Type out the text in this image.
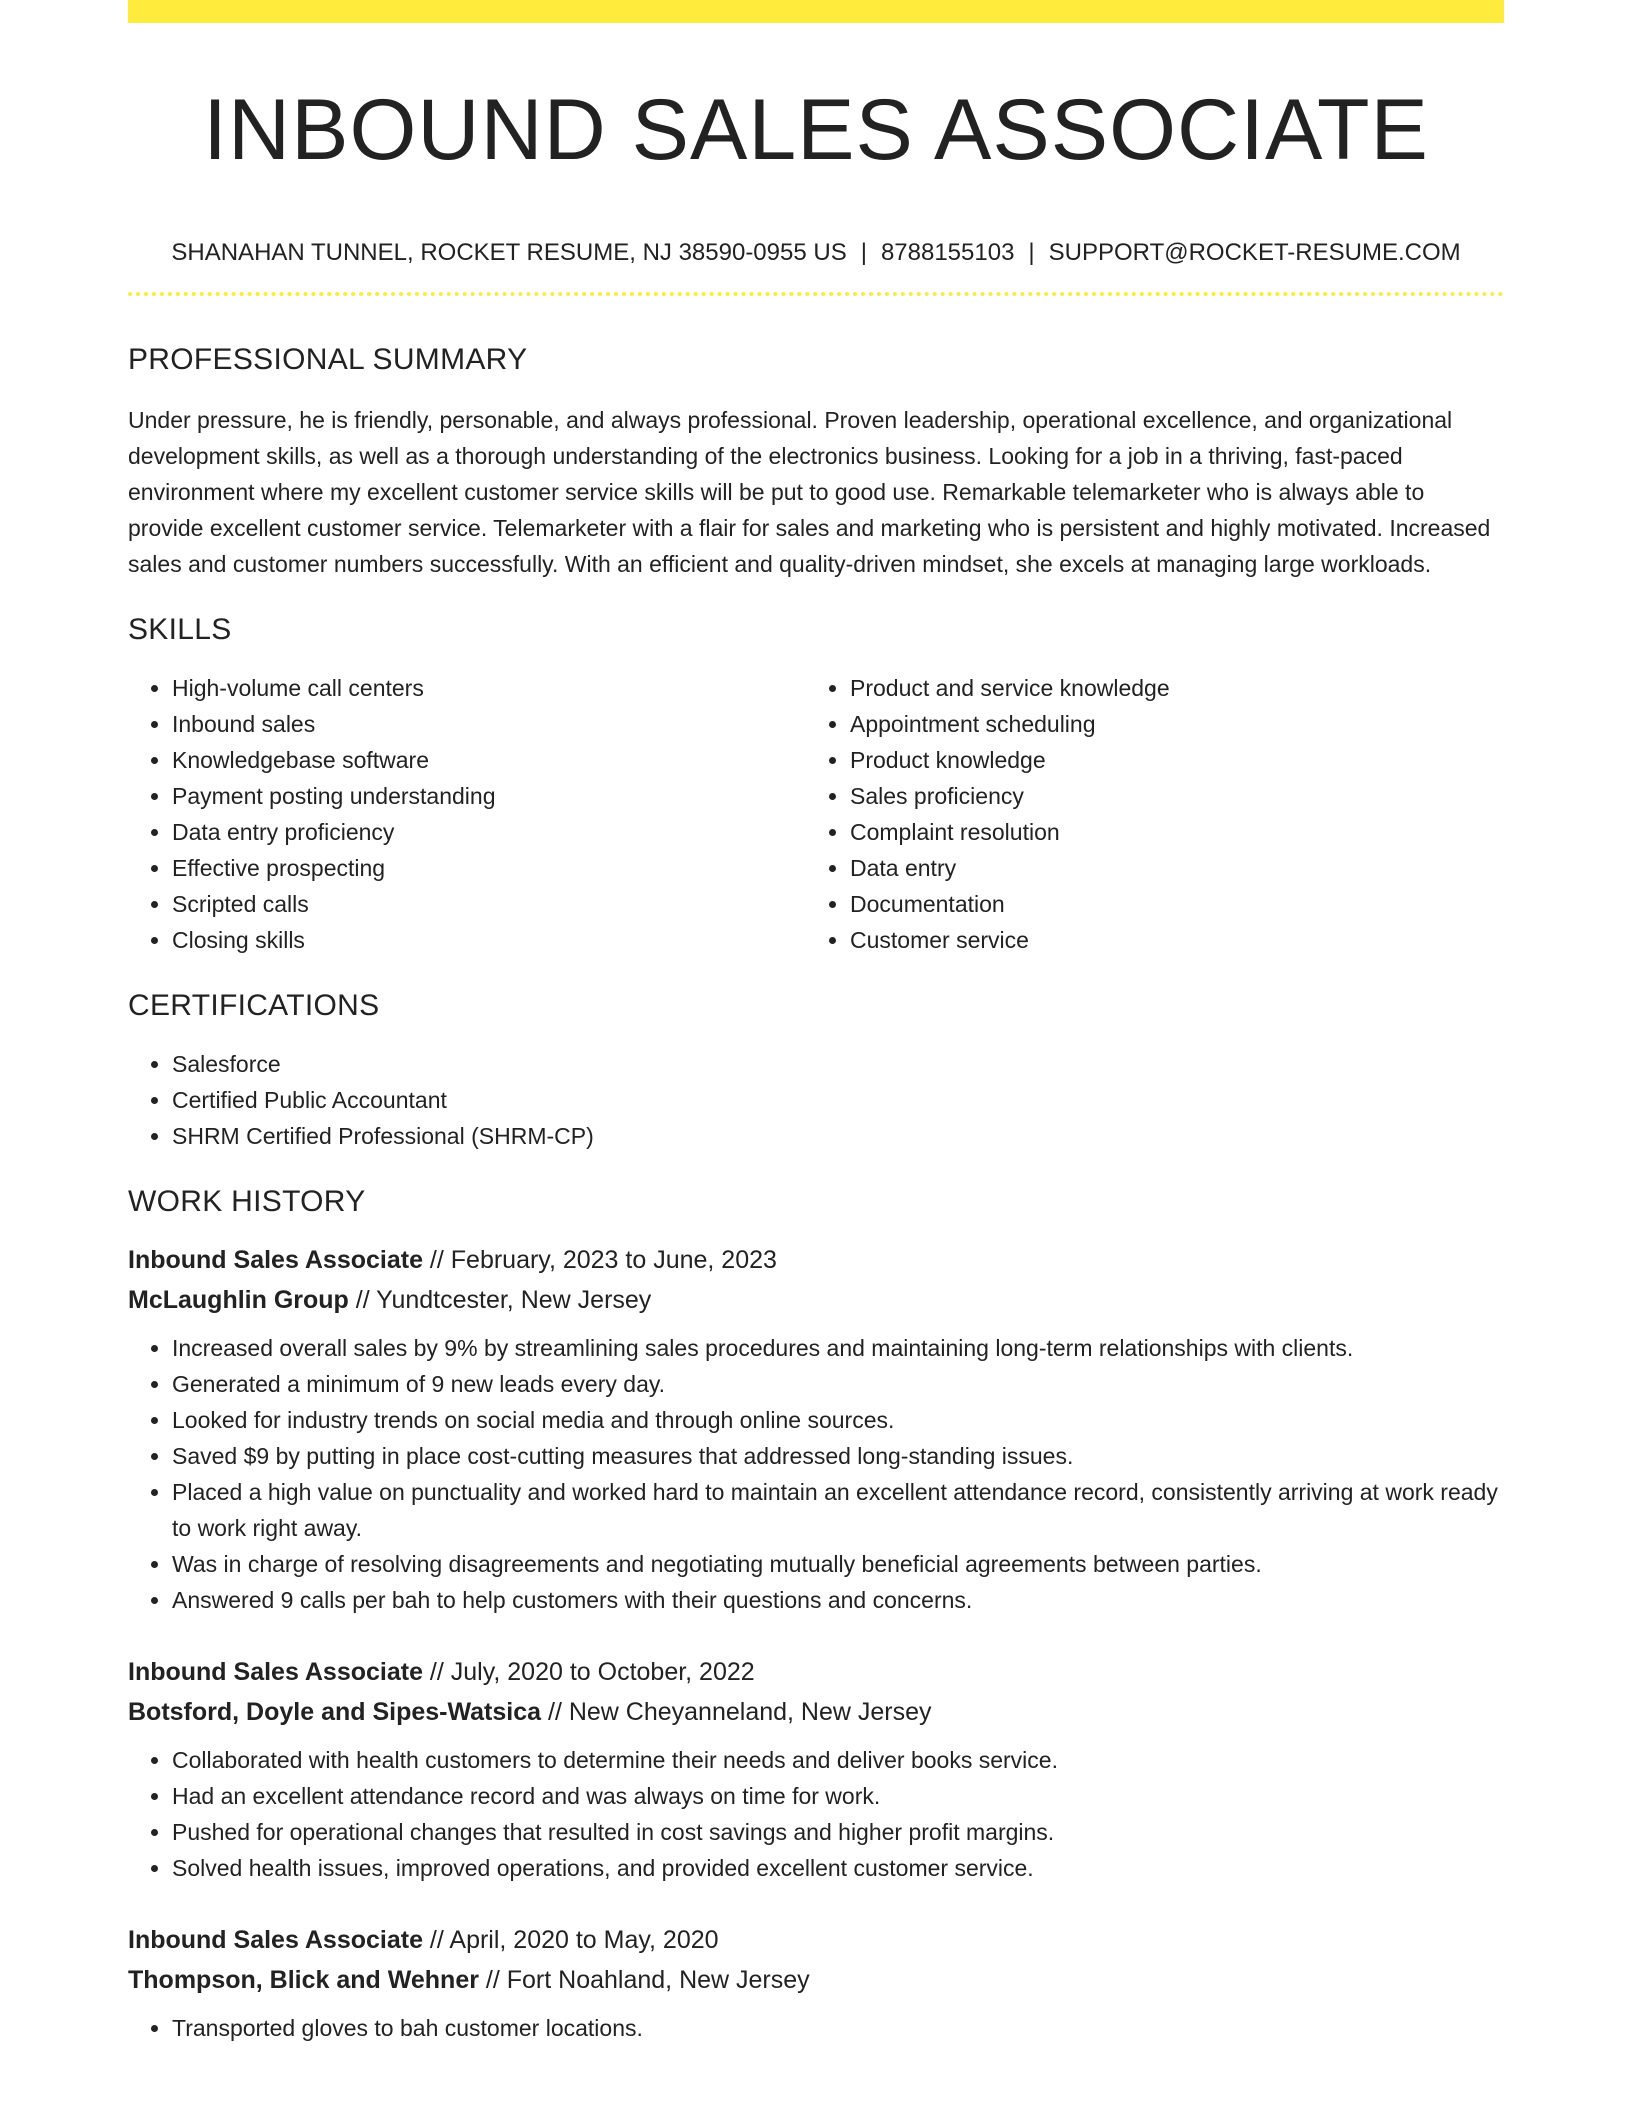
INBOUND SALES ASSOCIATE
SHANAHAN TUNNEL, ROCKET RESUME, NJ 38590-0955 US | 8788155103 | SUPPORT@ROCKET-RESUME.COM
PROFESSIONAL SUMMARY

Under pressure, he is friendly, personable, and always professional. Proven leadership, operational excellence, and organizational development skills, as well as a thorough understanding of the electronics business. Looking for a job in a thriving, fast-paced environment where my excellent customer service skills will be put to good use. Remarkable telemarketer who is always able to provide excellent customer service. Telemarketer with a flair for sales and marketing who is persistent and highly motivated. Increased sales and customer numbers successfully. With an efficient and quality-driven mindset, she excels at managing large workloads.

SKILLS
• High-volume call centers
• Inbound sales
• Knowledgebase software
• Payment posting understanding
• Data entry proficiency
• Effective prospecting
• Scripted calls
• Closing skills
• Product and service knowledge
• Appointment scheduling
• Product knowledge
• Sales proficiency
• Complaint resolution
• Data entry
• Documentation
• Customer service
CERTIFICATIONS
• Salesforce
• Certified Public Accountant
• SHRM Certified Professional (SHRM-CP)
WORK HISTORY
Inbound Sales Associate // February, 2023 to June, 2023
McLaughlin Group // Yundtcester, New Jersey
• Increased overall sales by 9% by streamlining sales procedures and maintaining long-term relationships with clients.
• Generated a minimum of 9 new leads every day.
• Looked for industry trends on social media and through online sources.
• Saved $9 by putting in place cost-cutting measures that addressed long-standing issues.
• Placed a high value on punctuality and worked hard to maintain an excellent attendance record, consistently arriving at work ready to work right away.
• Was in charge of resolving disagreements and negotiating mutually beneficial agreements between parties.
• Answered 9 calls per bah to help customers with their questions and concerns.
Inbound Sales Associate // July, 2020 to October, 2022
Botsford, Doyle and Sipes-Watsica // New Cheyanneland, New Jersey
• Collaborated with health customers to determine their needs and deliver books service.
• Had an excellent attendance record and was always on time for work.
• Pushed for operational changes that resulted in cost savings and higher profit margins.
• Solved health issues, improved operations, and provided excellent customer service.
Inbound Sales Associate // April, 2020 to May, 2020
Thompson, Blick and Wehner // Fort Noahland, New Jersey
• Transported gloves to bah customer locations.
